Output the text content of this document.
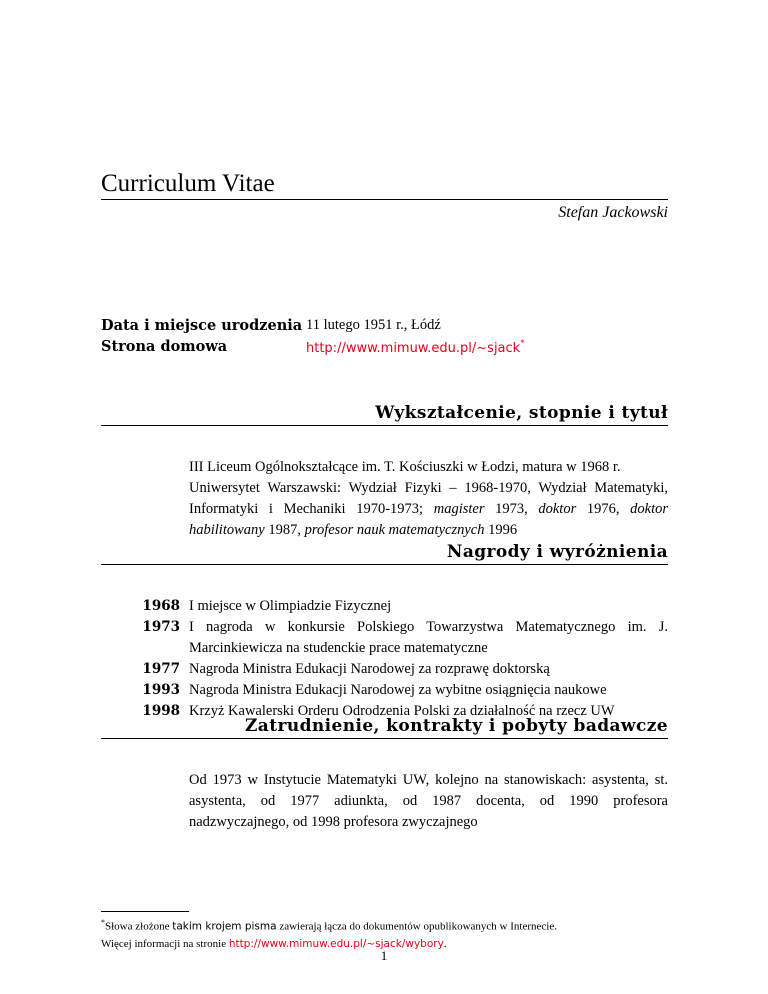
Curriculum Vitae
Stefan Jackowski
Data i miejsce urodzenia 11 lutego 1951 r., Łódź
Strona domowa	http://www.mimuw.edu.pl/~sjack*
Wykształcenie, stopnie i tytuł

III Liceum Ogólnokształcące im. T. Kościuszki w Łodzi, matura w 1968 r.

Uniwersytet Warszawski: Wydział Fizyki – 1968-1970, Wydział Matematyki, Informatyki i Mechaniki 1970-1973; magister 1973, doktor 1976, doktor habilitowany 1987, profesor nauk matematycznych 1996

Nagrody i wyróżnienia
1968 I miejsce w Olimpiadzie Fizycznej
1973 I nagroda w konkursie Polskiego Towarzystwa Matematycznego im. J. Marcinkiewicza na studenckie prace matematyczne
1977 Nagroda Ministra Edukacji Narodowej za rozprawę doktorską
1993 Nagroda Ministra Edukacji Narodowej za wybitne osiągnięcia naukowe
1998 Krzyż Kawalerski Orderu Odrodzenia Polski za działalność na rzecz UW
Zatrudnienie, kontrakty i pobyty badawcze
Od 1973 w Instytucie Matematyki UW, kolejno na stanowiskach: asystenta, st. asystenta, od 1977 adiunkta, od 1987 docenta, od 1990 profesora nadzwyczajnego, od 1998 profesora zwyczajnego
*Słowa złożone takim krojem pisma zawierają łącza do dokumentów opublikowanych w Internecie.
Więcej informacji na stronie http://www.mimuw.edu.pl/~sjack/wybory.
1
